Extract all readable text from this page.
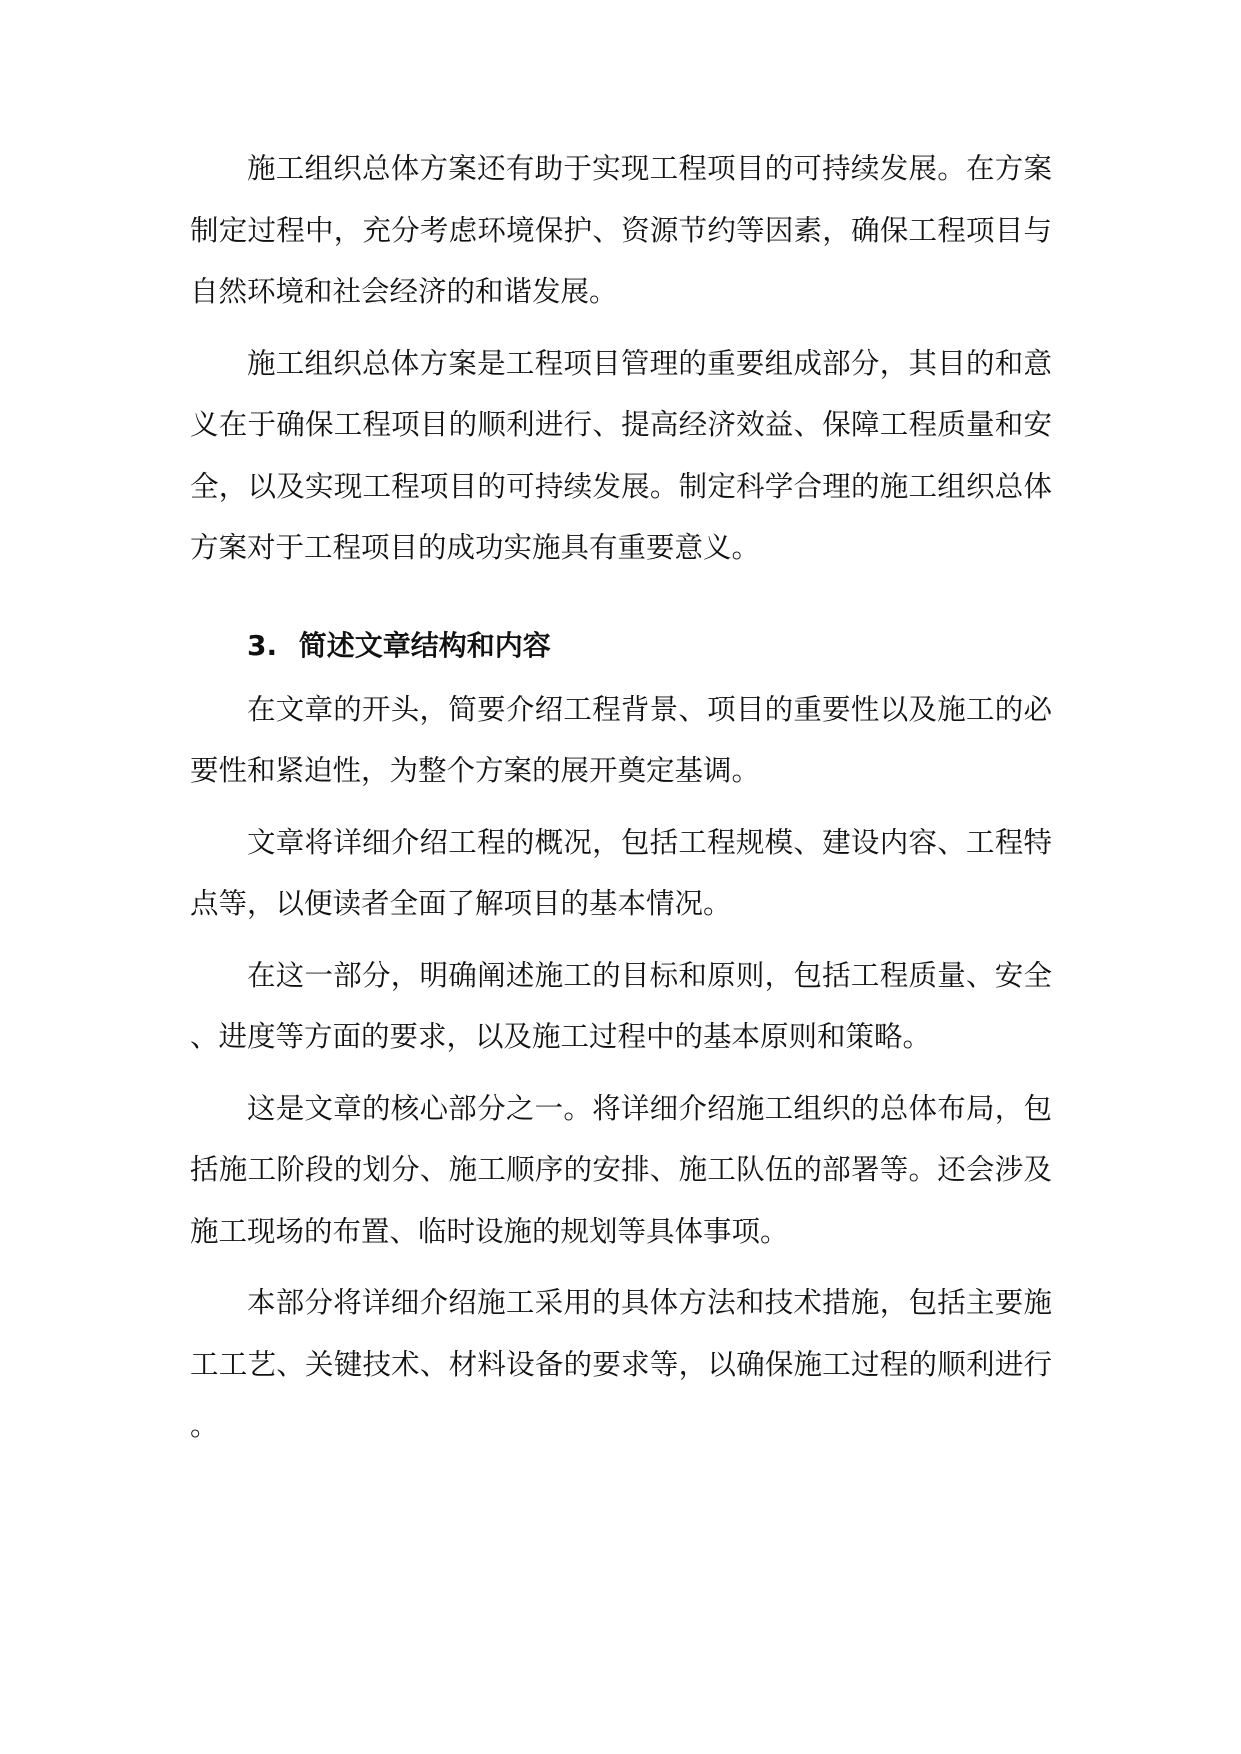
施工组织总体方案还有助于实现工程项目的可持续发展。在方案制定过程中，充分考虑环境保护、资源节约等因素，确保工程项目与自然环境和社会经济的和谐发展。

施工组织总体方案是工程项目管理的重要组成部分，其目的和意义在于确保工程项目的顺利进行、提高经济效益、保障工程质量和安全，以及实现工程项目的可持续发展。制定科学合理的施工组织总体方案对于工程项目的成功实施具有重要意义。

3. 简述文章结构和内容

在文章的开头，简要介绍工程背景、项目的重要性以及施工的必要性和紧迫性，为整个方案的展开奠定基调。

文章将详细介绍工程的概况，包括工程规模、建设内容、工程特点等，以便读者全面了解项目的基本情况。

在这一部分，明确阐述施工的目标和原则，包括工程质量、安全、进度等方面的要求，以及施工过程中的基本原则和策略。

这是文章的核心部分之一。将详细介绍施工组织的总体布局，包括施工阶段的划分、施工顺序的安排、施工队伍的部署等。还会涉及施工现场的布置、临时设施的规划等具体事项。

本部分将详细介绍施工采用的具体方法和技术措施，包括主要施工工艺、关键技术、材料设备的要求等，以确保施工过程的顺利进行。
